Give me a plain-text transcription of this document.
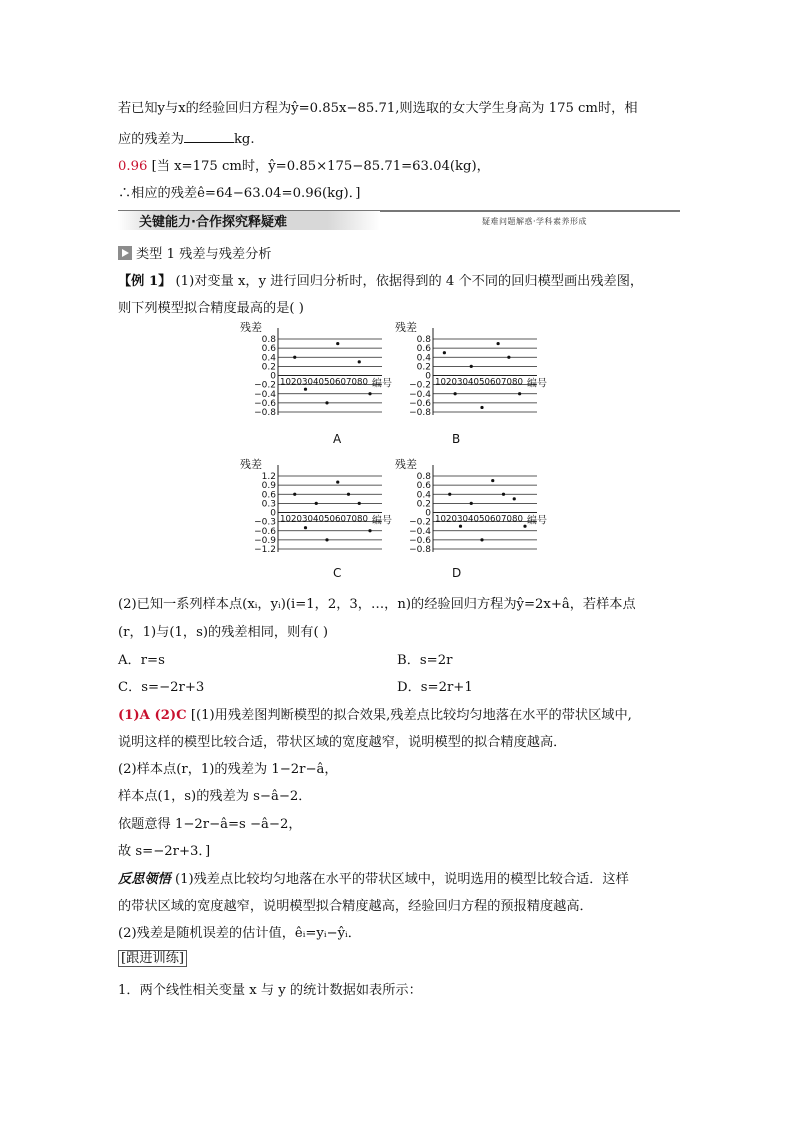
若已知y与x的经验回归方程为ŷ=0.85x−85.71,则选取的女大学生身高为 175 cm时，相
应的残差为	kg.
0.96 [当 x=175 cm时，ŷ=0.85×175−85.71=63.04(kg)，
∴相应的残差ê=64−63.04=0.96(kg)．]
关键能力·合作探究释疑难	疑难问题解惑·学科素养形成
类型 1 残差与残差分析
【例 1】 (1)对变量 x，y 进行回归分析时，依据得到的 4 个不同的回归模型画出残差图，
则下列模型拟合精度最高的是( )
残差
0.8
0.6
0.4
0.2
0
−0.2
−0.4
−0.6
−0.8
1020304050607080 编号
残差
0.8
0.6
0.4
0.2
0
−0.2
−0.4
−0.6
−0.8
1020304050607080 编号
残差
1.2
0.9
0.6
0.3
0
−0.3
−0.6
−0.9
−1.2
1020304050607080 编号
残差
0.8
0.6
0.4
0.2
0
−0.2
−0.4
−0.6
−0.8
1020304050607080 编号
A	B
C	D
(2)已知一系列样本点(xᵢ，yᵢ)(i=1，2，3，…，n)的经验回归方程为ŷ=2x+â，若样本点
(r，1)与(1，s)的残差相同，则有( )
A．r=s	B．s=2r
C．s=−2r+3	D．s=2r+1
(1)A (2)C [(1)用残差图判断模型的拟合效果,残差点比较均匀地落在水平的带状区域中,
说明这样的模型比较合适，带状区域的宽度越窄，说明模型的拟合精度越高．
(2)样本点(r，1)的残差为 1−2r−â，
样本点(1，s)的残差为 s−â−2．
依题意得 1−2r−â=s −â−2，
故 s=−2r+3．]
反思领悟 (1)残差点比较均匀地落在水平的带状区域中，说明选用的模型比较合适．这样
的带状区域的宽度越窄，说明模型拟合精度越高，经验回归方程的预报精度越高．
(2)残差是随机误差的估计值，êᵢ=yᵢ−ŷᵢ．
[跟进训练]
1．两个线性相关变量 x 与 y 的统计数据如表所示：
